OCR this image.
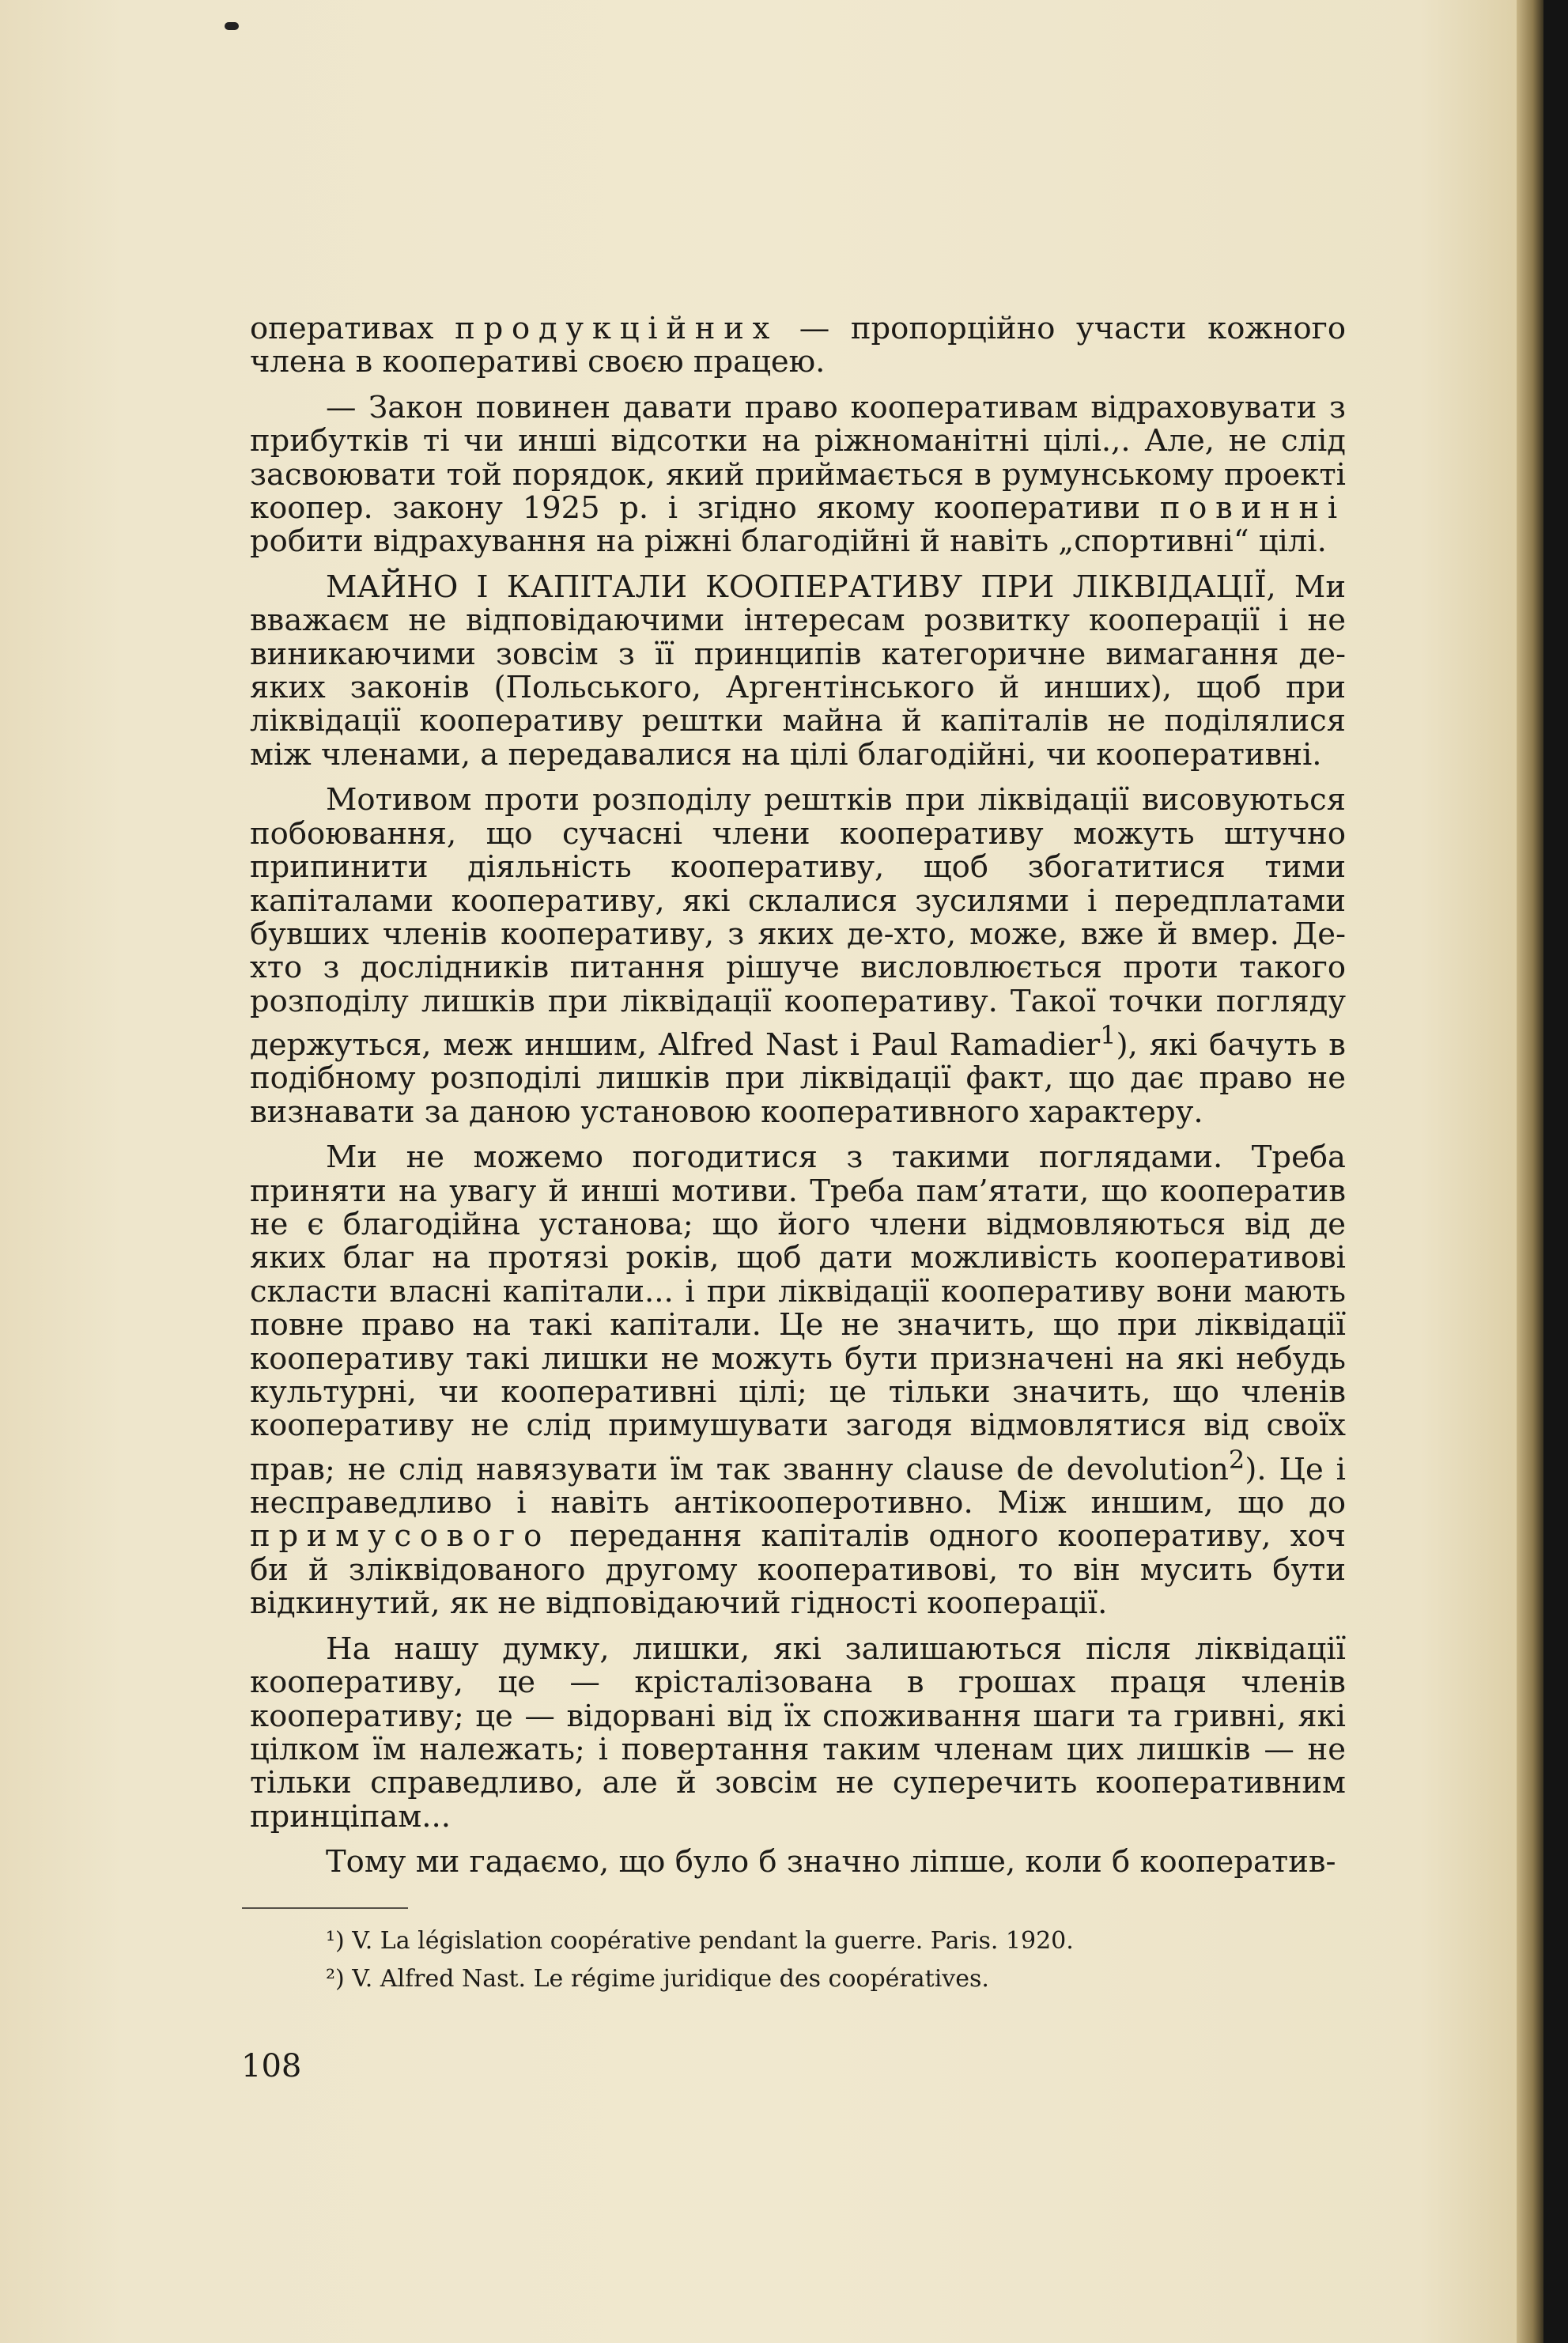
оперативах продукційних — пропорційно участи кожного члена в кооперативі своєю працею.

— Закон повинен давати право кооперативам відраховувати з прибутків ті чи инші відсотки на ріжноманітні цілі.,. Але, не слід засвоювати той порядок, який приймається в румунському проекті коопер. закону 1925 р. і згідно якому кооперативи повинні робити відрахування на ріжні благодійні й навіть „спортивні“ цілі.

МАЙНО І КАПІТАЛИ КООПЕРАТИВУ ПРИ ЛІКВІДАЦІЇ, Ми вважаєм не відповідаючими інтересам розвитку кооперації і не виникаючими зовсім з її принципів категоричне вимагання де-яких законів (Польського, Аргентінського й инших), щоб при ліквідації кооперативу рештки майна й капіталів не поділялися між членами, а передавалися на цілі благодійні, чи кооперативні.

Мотивом проти розподілу рештків при ліквідації висовуються побоювання, що сучасні члени кооперативу можуть штучно припинити діяльність кооперативу, щоб збогатитися тими капіталами кооперативу, які склалися зусилями і передплатами бувших членів кооперативу, з яких де-хто, може, вже й вмер. Де-хто з дослідників питання рішуче висловлюється проти такого розподілу лишків при ліквідації кооперативу. Такої точки погляду держуться, меж иншим, Alfred Nast і Paul Ramadier$^1$), які бачуть в подібному розподілі лишків при ліквідації факт, що дає право не визнавати за даною установою кооперативного характеру.

Ми не можемо погодитися з такими поглядами. Треба приняти на увагу й инші мотиви. Треба пам’ятати, що кооператив не є благодійна установа; що його члени відмовляються від де яких благ на протязі років, щоб дати можливість кооперативові скласти власні капітали... і при ліквідації кооперативу вони мають повне право на такі капітали. Це не значить, що при ліквідації кооперативу такі лишки не можуть бути призначені на які небудь культурні, чи кооперативні цілі; це тільки значить, що членів кооперативу не слід примушувати загодя відмовлятися від своїх прав; не слід навязувати їм так званну clause de devolution$^2$). Це і несправедливо і навіть антікооперотивно. Між иншим, що до примусового передання капіталів одного кооперативу, хоч би й зліквідованого другому кооперативові, то він мусить бути відкинутий, як не відповідаючий гідності кооперації.

На нашу думку, лишки, які залишаються після ліквідації кооперативу, це — крісталізована в грошах праця членів кооперативу; це — відорвані від їх споживання шаги та гривні, які цілком їм належать; і повертання таким членам цих лишків — не тільки справедливо, але й зовсім не суперечить кооперативним принціпам...

Тому ми гадаємо, що було б значно ліпше, коли б кооператив-

¹) V. La législation coopérative pendant la guerre. Paris. 1920.
²) V. Alfred Nast. Le régime juridique des coopératives.
108
